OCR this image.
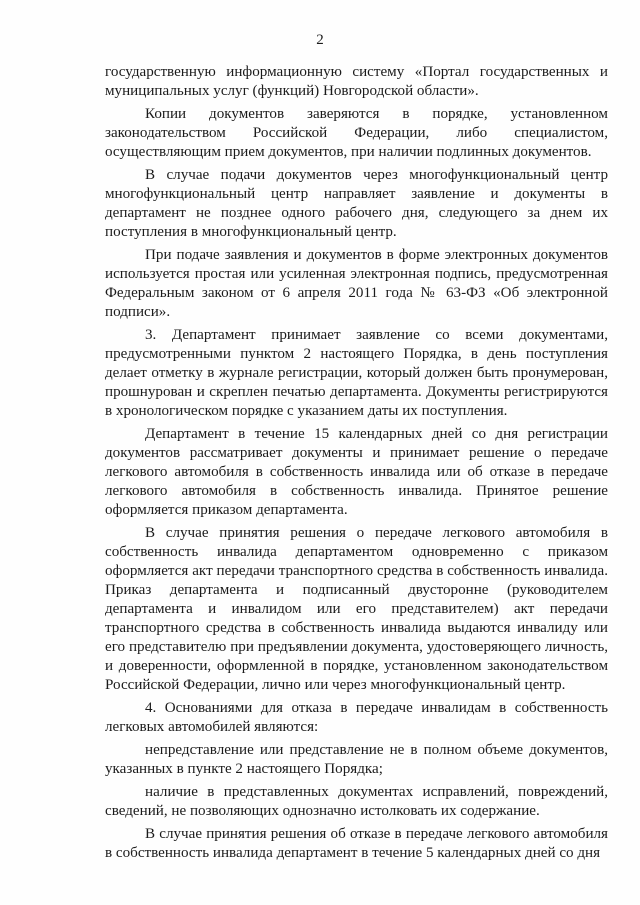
2

государственную информационную систему «Портал государственных и муниципальных услуг (функций) Новгородской области».

Копии документов заверяются в порядке, установленном законодательством Российской Федерации, либо специалистом, осуществляющим прием документов, при наличии подлинных документов.

В случае подачи документов через многофункциональный центр многофункциональный центр направляет заявление и документы в департамент не позднее одного рабочего дня, следующего за днем их поступления в многофункциональный центр.

При подаче заявления и документов в форме электронных документов используется простая или усиленная электронная подпись, предусмотренная Федеральным законом от 6 апреля 2011 года № 63-ФЗ «Об электронной подписи».

3. Департамент принимает заявление со всеми документами, предусмотренными пунктом 2 настоящего Порядка, в день поступления делает отметку в журнале регистрации, который должен быть пронумерован, прошнурован и скреплен печатью департамента. Документы регистрируются в хронологическом порядке с указанием даты их поступления.

Департамент в течение 15 календарных дней со дня регистрации документов рассматривает документы и принимает решение о передаче легкового автомобиля в собственность инвалида или об отказе в передаче легкового автомобиля в собственность инвалида. Принятое решение оформляется приказом департамента.

В случае принятия решения о передаче легкового автомобиля в собственность инвалида департаментом одновременно с приказом оформляется акт передачи транспортного средства в собственность инвалида. Приказ департамента и подписанный двусторонне (руководителем департамента и инвалидом или его представителем) акт передачи транспортного средства в собственность инвалида выдаются инвалиду или его представителю при предъявлении документа, удостоверяющего личность, и доверенности, оформленной в порядке, установленном законодательством Российской Федерации, лично или через многофункциональный центр.

4. Основаниями для отказа в передаче инвалидам в собственность легковых автомобилей являются:

непредставление или представление не в полном объеме документов, указанных в пункте 2 настоящего Порядка;

наличие в представленных документах исправлений, повреждений, сведений, не позволяющих однозначно истолковать их содержание.

В случае принятия решения об отказе в передаче легкового автомобиля в собственность инвалида департамент в течение 5 календарных дней со дня
